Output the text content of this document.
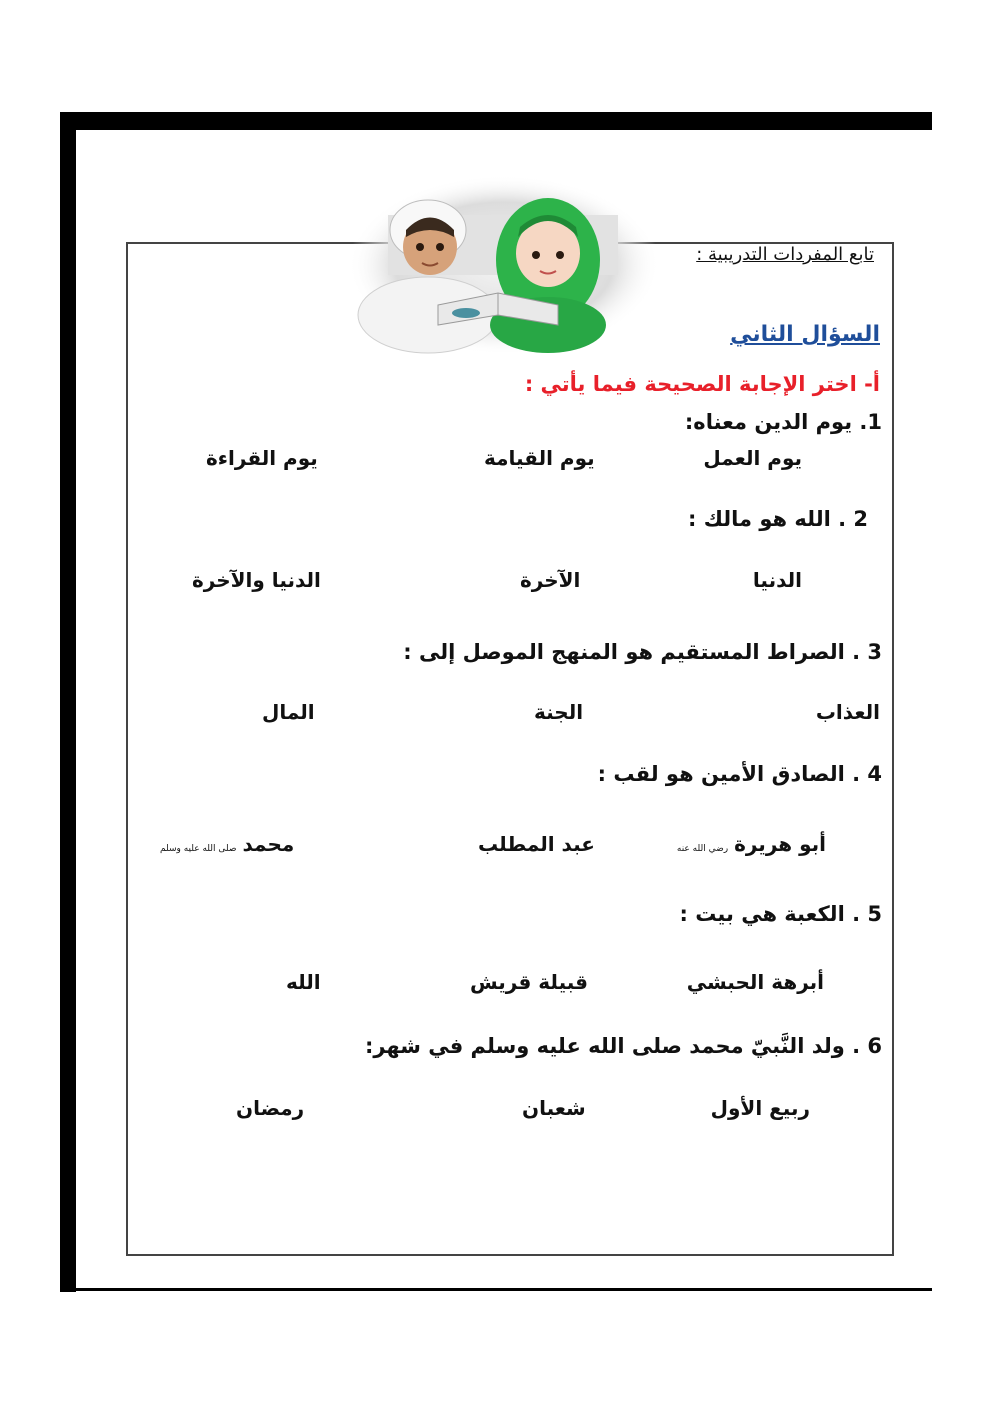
تابع المفردات التدريبية :
السؤال الثاني
أ- اختر الإجابة الصحيحة فيما يأتي :
1. يوم الدين معناه:
يوم العمل
يوم القيامة
يوم القراءة
2 . الله هو مالك :
الدنيا
الآخرة
الدنيا والآخرة
3 . الصراط المستقيم هو المنهج الموصل إلى :
العذاب
الجنة
المال
4 . الصادق الأمين هو لقب :
أبو هريرةرضي الله عنه
عبد المطلب
محمدصلى الله عليه وسلم
5 . الكعبة هي بيت :
أبرهة الحبشي
قبيلة قريش
الله
6 . ولد النَّبيّ محمد صلى الله عليه وسلم في شهر:
ربيع الأول
شعبان
رمضان
